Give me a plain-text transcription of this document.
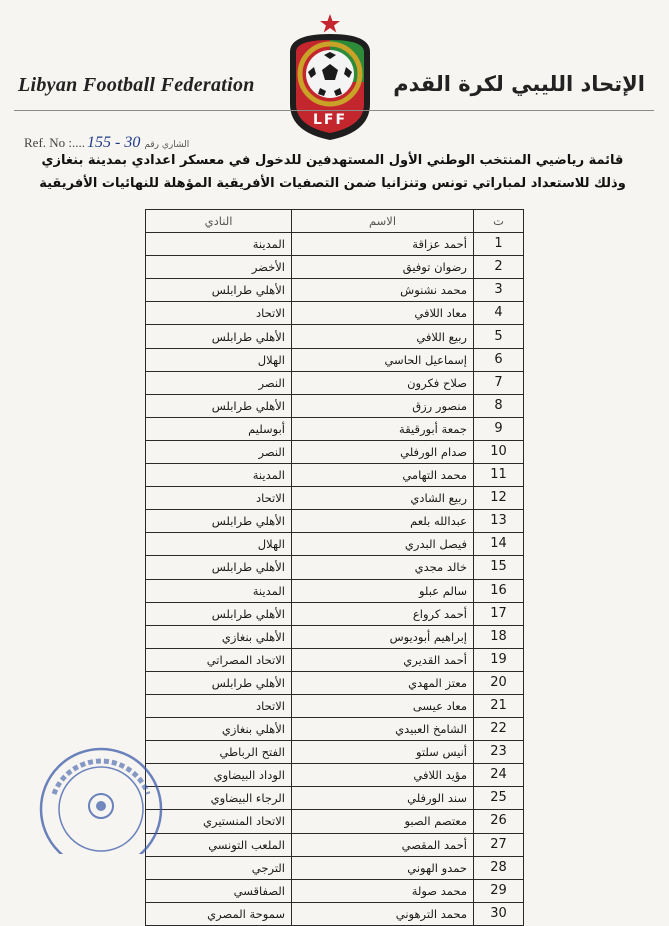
Libyan Football Federation
LFF
الإتحاد الليبي لكرة القدم
Ref. No :.... 155 - 30 الشاري رقم
قائمة رياضيي المنتخب الوطني الأول المستهدفين للدخول في معسكر اعدادي بمدينة بنغازي
وذلك للاستعداد لمباراتي تونس وتنزانيا ضمن التصفيات الأفريقية المؤهلة للنهائيات الأفريقية
ت	الاسم	النادي
1	أحمد عزاقة	المدينة
2	رضوان توفيق	الأخضر
3	محمد نشنوش	الأهلي طرابلس
4	معاد اللافي	الاتحاد
5	ربيع اللافي	الأهلي طرابلس
6	إسماعيل الحاسي	الهلال
7	صلاح فكرون	النصر
8	منصور رزق	الأهلي طرابلس
9	جمعة أبورقيقة	أبوسليم
10	صدام الورفلي	النصر
11	محمد التهامي	المدينة
12	ربيع الشادي	الاتحاد
13	عبدالله بلعم	الأهلي طرابلس
14	فيصل البدري	الهلال
15	خالد مجدي	الأهلي طرابلس
16	سالم عبلو	المدينة
17	أحمد كرواع	الأهلي طرابلس
18	إبراهيم أبوديوس	الأهلي بنغازي
19	أحمد القديري	الاتحاد المصراتي
20	معتز المهدي	الأهلي طرابلس
21	معاد عيسى	الاتحاد
22	الشامخ العبيدي	الأهلي بنغازي
23	أنيس سلتو	الفتح الرباطي
24	مؤيد اللافي	الوداد البيضاوي
25	سند الورفلي	الرجاء البيضاوي
26	معتصم الصبو	الاتحاد المنستيري
27	أحمد المقصي	الملعب التونسي
28	حمدو الهوني	الترجي
29	محمد صولة	الصفاقسي
30	محمد الترهوني	سموحة المصري
